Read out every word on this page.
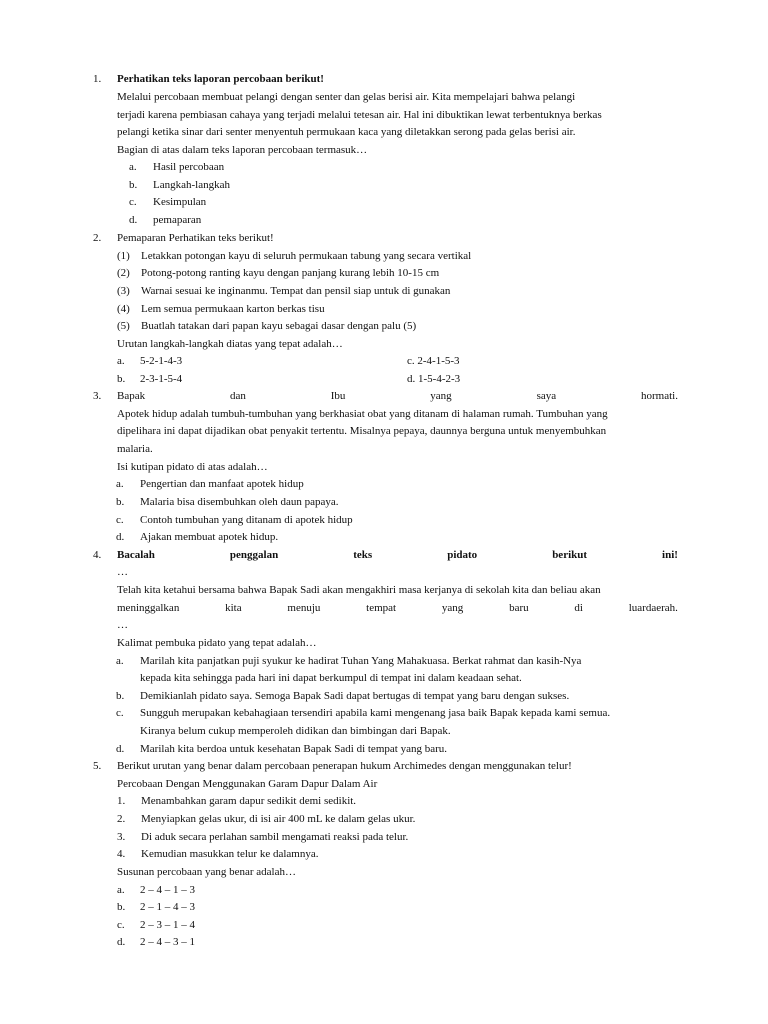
1. Perhatikan teks laporan percobaan berikut!
Melalui percobaan membuat pelangi dengan senter dan gelas berisi air. Kita mempelajari bahwa pelangi
terjadi karena pembiasan cahaya yang terjadi melalui tetesan air. Hal ini dibuktikan lewat terbentuknya berkas
pelangi ketika sinar dari senter menyentuh permukaan kaca yang diletakkan serong pada gelas berisi air.
Bagian di atas dalam teks laporan percobaan termasuk…
a. Hasil percobaan
b. Langkah-langkah
c. Kesimpulan
d. pemaparan
2. Pemaparan Perhatikan teks berikut!
(1) Letakkan potongan kayu di seluruh permukaan tabung yang secara vertikal
(2) Potong-potong ranting kayu dengan panjang kurang lebih 10-15 cm
(3) Warnai sesuai ke inginanmu. Tempat dan pensil siap untuk di gunakan
(4) Lem semua permukaan karton berkas tisu
(5) Buatlah tatakan dari papan kayu sebagai dasar dengan palu (5)
Urutan langkah-langkah diatas yang tepat adalah…
a. 5-2-1-4-3	c. 2-4-1-5-3
b. 2-3-1-5-4	d. 1-5-4-2-3
3. Bapak	dan	Ibu	yang	saya	hormati.
Apotek hidup adalah tumbuh-tumbuhan yang berkhasiat obat yang ditanam di halaman rumah. Tumbuhan yang
dipelihara ini dapat dijadikan obat penyakit tertentu. Misalnya pepaya, daunnya berguna untuk menyembuhkan
malaria.
Isi kutipan pidato di atas adalah…
a. Pengertian dan manfaat apotek hidup
b. Malaria bisa disembuhkan oleh daun papaya.
c. Contoh tumbuhan yang ditanam di apotek hidup
d. Ajakan membuat apotek hidup.
4. Bacalah	penggalan	teks	pidato	berikut	ini!
…
Telah kita ketahui bersama bahwa Bapak Sadi akan mengakhiri masa kerjanya di sekolah kita dan beliau akan
meninggalkan	kita	menuju	tempat	yang	baru	di	luardaerah.
…
Kalimat pembuka pidato yang tepat adalah…
a. Marilah kita panjatkan puji syukur ke hadirat Tuhan Yang Mahakuasa. Berkat rahmat dan kasih-Nya
kepada kita sehingga pada hari ini dapat berkumpul di tempat ini dalam keadaan sehat.
b. Demikianlah pidato saya. Semoga Bapak Sadi dapat bertugas di tempat yang baru dengan sukses.
c. Sungguh merupakan kebahagiaan tersendiri apabila kami mengenang jasa baik Bapak kepada kami semua.
Kiranya belum cukup memperoleh didikan dan bimbingan dari Bapak.
d. Marilah kita berdoa untuk kesehatan Bapak Sadi di tempat yang baru.
5. Berikut urutan yang benar dalam percobaan penerapan hukum Archimedes dengan menggunakan telur!
Percobaan Dengan Menggunakan Garam Dapur Dalam Air
1. Menambahkan garam dapur sedikit demi sedikit.
2. Menyiapkan gelas ukur, di isi air 400 mL ke dalam gelas ukur.
3. Di aduk secara perlahan sambil mengamati reaksi pada telur.
4. Kemudian masukkan telur ke dalamnya.
Susunan percobaan yang benar adalah…
a. 2 – 4 – 1 – 3
b. 2 – 1 – 4 – 3
c. 2 – 3 – 1 – 4
d. 2 – 4 – 3 – 1
